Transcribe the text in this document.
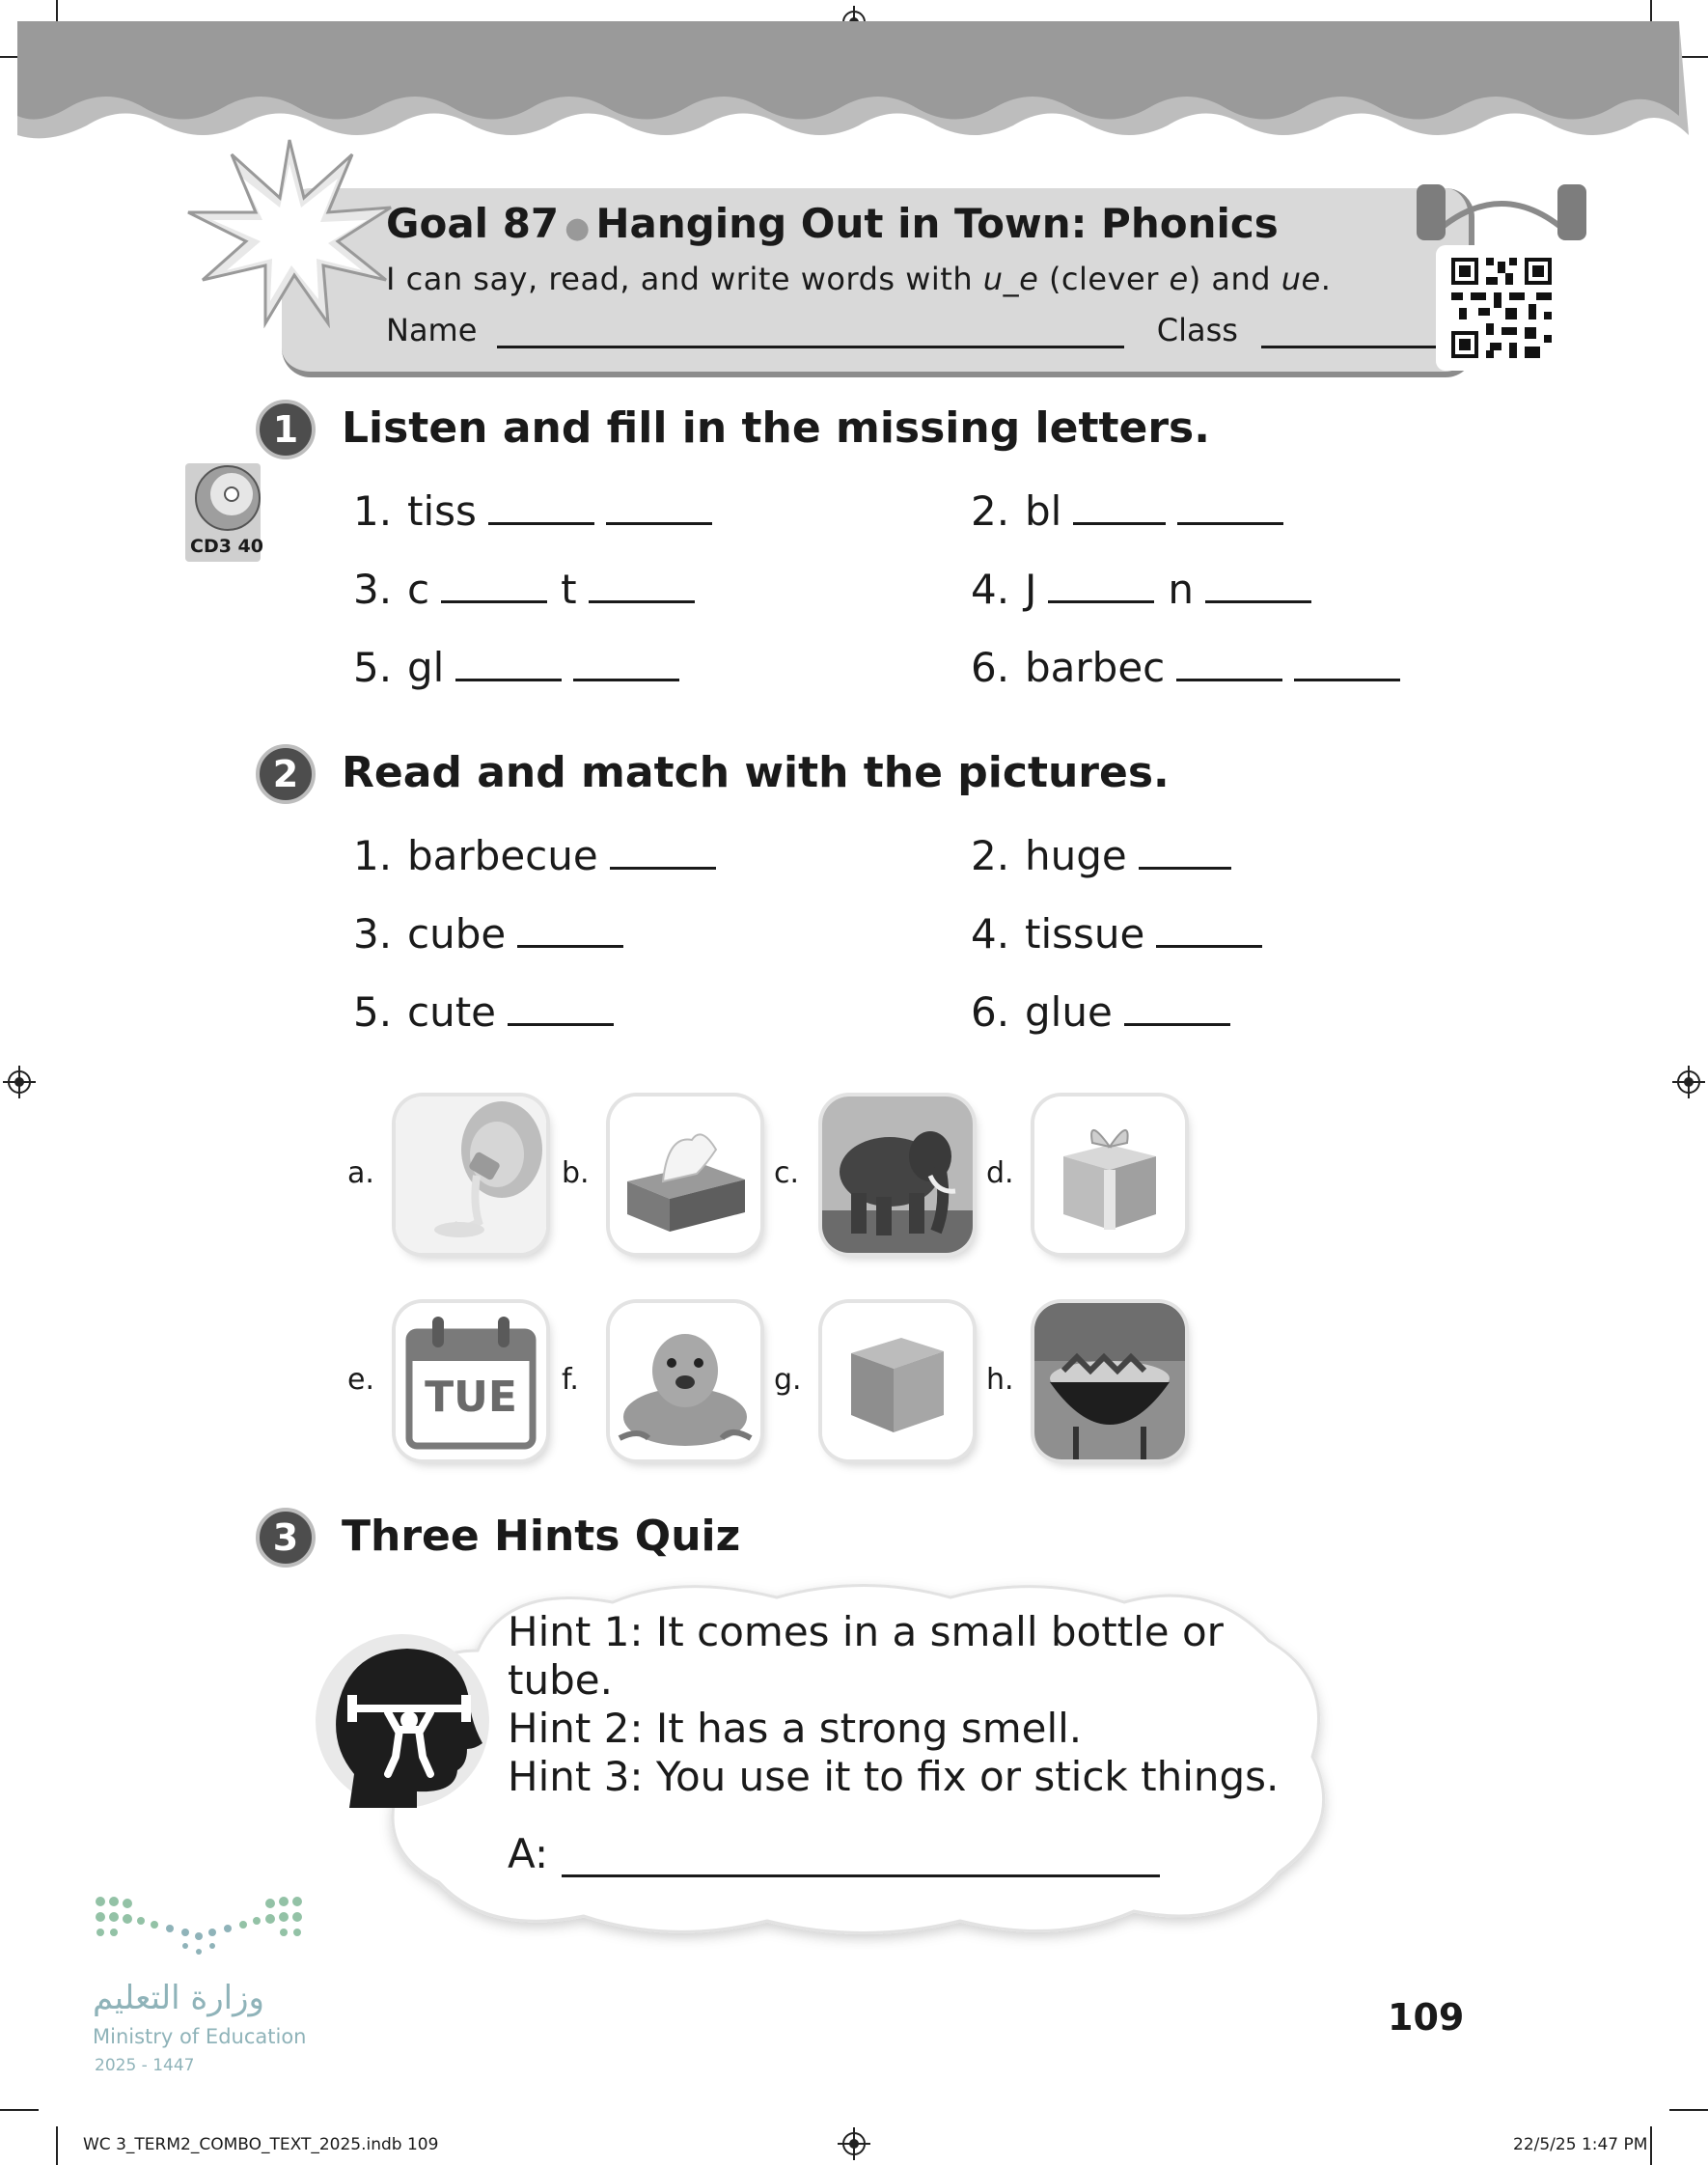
Goal 87 ● Hanging Out in Town: Phonics
I can say, read, and write words with u_e (clever e) and ue.
Name	Class
1	Listen and fill in the missing letters.
CD3 40
1. tiss	2. bl
3. c	t	4. J	n
5. gl	6. barbec
2	Read and match with the pictures.
1. barbecue	2. huge
3. cube	4. tissue
5. cute	6. glue
a.	b.	c.	d.
e.	TUE	f.	g.	h.
3	Three Hints Quiz
Hint 1: It comes in a small bottle or
tube.
Hint 2: It has a strong smell.
Hint 3: You use it to fix or stick things.
A:
وزارة التعليم
Ministry of Education
2025 - 1447
109
WC 3_TERM2_COMBO_TEXT_2025.indb 109	22/5/25 1:47 PM
